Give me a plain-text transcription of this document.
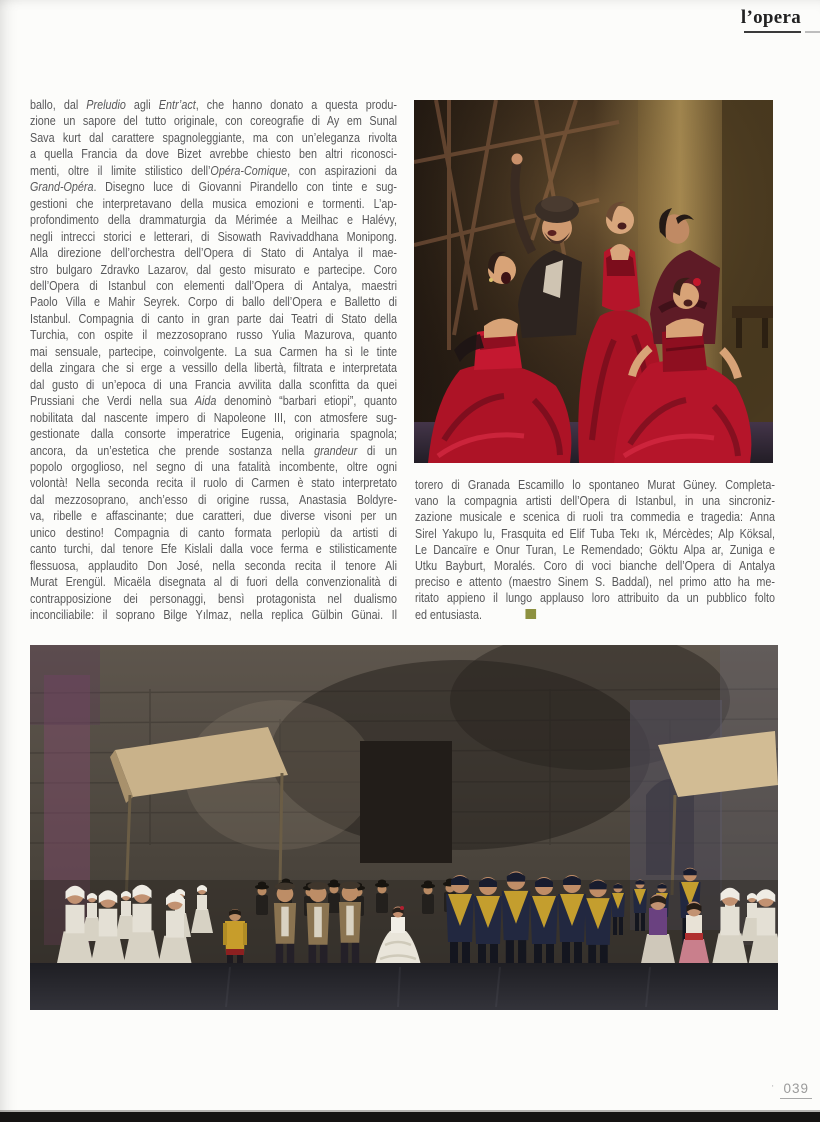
l’opera
ballo, dal Preludio agli Entr’act, che hanno donato a questa produ-
zione un sapore del tutto originale, con coreografie di Ay em Sunal
Sava kurt dal carattere spagnoleggiante, ma con un’eleganza rivolta
a quella Francia da dove Bizet avrebbe chiesto ben altri riconosci-
menti, oltre il limite stilistico dell’Opéra-Comique, con aspirazioni da
Grand-Opéra. Disegno luce di Giovanni Pirandello con tinte e sug-
gestioni che interpretavano della musica emozioni e tormenti. L’ap-
profondimento della drammaturgia da Mérimée a Meilhac e Halévy,
negli intrecci storici e letterari, di Sisowath Ravivaddhana Monipong.
Alla direzione dell’orchestra dell’Opera di Stato di Antalya il mae-
stro bulgaro Zdravko Lazarov, dal gesto misurato e partecipe. Coro
dell’Opera di Istanbul con elementi dall’Opera di Antalya, maestri
Paolo Villa e Mahir Seyrek. Corpo di ballo dell’Opera e Balletto di
Istanbul. Compagnia di canto in gran parte dai Teatri di Stato della
Turchia, con ospite il mezzosoprano russo Yulia Mazurova, quanto
mai sensuale, partecipe, coinvolgente. La sua Carmen ha sì le tinte
della zingara che si erge a vessillo della libertà, filtrata e interpretata
dal gusto di un’epoca di una Francia avvilita dalla sconfitta da quei
Prussiani che Verdi nella sua Aida denominò “barbari etiopi”, quanto
nobilitata dal nascente impero di Napoleone III, con atmosfere sug-
gestionate dalla consorte imperatrice Eugenia, originaria spagnola;
ancora, da un’estetica che prende sostanza nella grandeur di un
popolo orgoglioso, nel segno di una fatalità incombente, oltre ogni
volontà! Nella seconda recita il ruolo di Carmen è stato interpretato
dal mezzosoprano, anch’esso di origine russa, Anastasia Boldyre-
va, ribelle e affascinante; due caratteri, due diverse visoni per un
unico destino! Compagnia di canto formata perlopiù da artisti di
canto turchi, dal tenore Efe Kislali dalla voce ferma e stilisticamente
flessuosa, applaudito Don José, nella seconda recita il tenore Ali
Murat Erengül. Micaëla disegnata al di fuori della convenzionalità di
contrapposizione dei personaggi, bensì protagonista nel dualismo
inconciliabile: il soprano Bilge Yılmaz, nella replica Gülbin Günai. Il
torero di Granada Escamillo lo spontaneo Murat Güney. Completa-
vano la compagnia artisti dell’Opera di Istanbul, in una sincroniz-
zazione musicale e scenica di ruoli tra commedia e tragedia: Anna
Sirel Yakupo lu, Frasquita ed Elif Tuba Tekı ık, Mércèdes; Alp Köksal,
Le Dancaïre e Onur Turan, Le Remendado; Göktu Alpa ar, Zuniga e
Utku Bayburt, Moralés. Coro di voci bianche dell’Opera di Antalya
preciso e attento (maestro Sinem S. Baddal), nel primo atto ha me-
ritato appieno il lungo applauso loro attribuito da un pubblico folto
ed entusiasta.
· 039
